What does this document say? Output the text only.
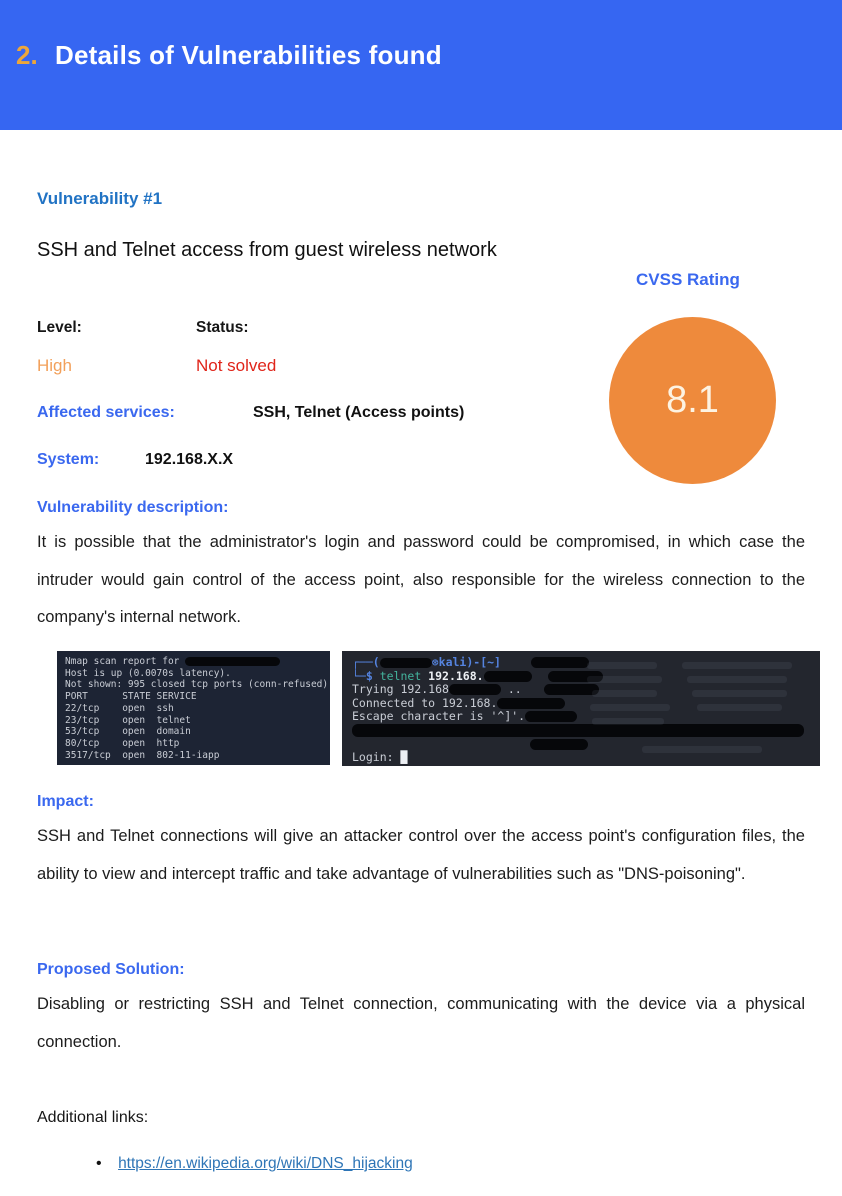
2. Details of Vulnerabilities found
Vulnerability #1
SSH and Telnet access from guest wireless network
CVSS Rating
Level:	Status:
High	Not solved
Affected services:	SSH, Telnet (Access points)
System:	192.168.X.X
8.1
Vulnerability description:
It is possible that the administrator's login and password could be compromised, in which case the intruder would gain control of the access point, also responsible for the wireless connection to the company's internal network.
Nmap scan report for
Host is up (0.0070s latency).
Not shown: 995 closed tcp ports (conn-refused)
PORT      STATE SERVICE
22/tcp    open  ssh
23/tcp    open  telnet
53/tcp    open  domain
80/tcp    open  http
3517/tcp  open  802-11-iapp
┌──(	⊛kali)-[~]
└─$ telnet 192.168.
Trying 192.168	..
Connected to 192.168.
Escape character is '^]'.
Login: █
Impact:
SSH and Telnet connections will give an attacker control over the access point's configuration files, the ability to view and intercept traffic and take advantage of vulnerabilities such as "DNS-poisoning".
Proposed Solution:
Disabling or restricting SSH and Telnet connection, communicating with the device via a physical connection.
Additional links:
• https://en.wikipedia.org/wiki/DNS_hijacking
